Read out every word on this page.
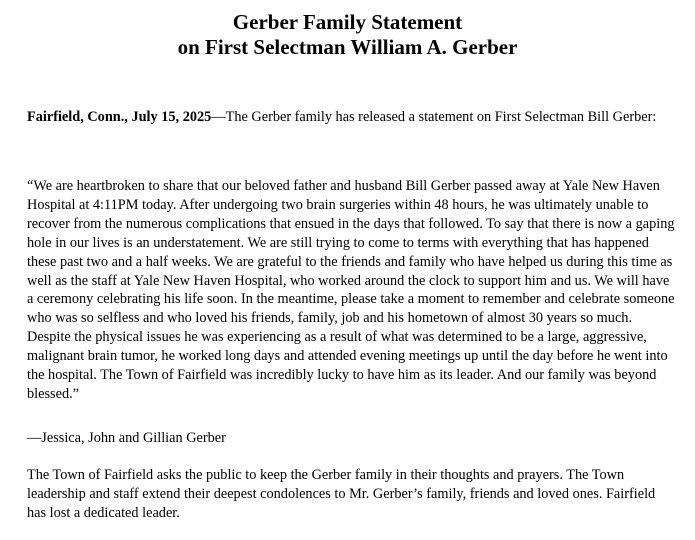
Gerber Family Statement
on First Selectman William A. Gerber

Fairfield, Conn., July 15, 2025—The Gerber family has released a statement on First Selectman Bill Gerber:

“We are heartbroken to share that our beloved father and husband Bill Gerber passed away at Yale New Haven Hospital at 4:11PM today. After undergoing two brain surgeries within 48 hours, he was ultimately unable to recover from the numerous complications that ensued in the days that followed. To say that there is now a gaping hole in our lives is an understatement. We are still trying to come to terms with everything that has happened these past two and a half weeks. We are grateful to the friends and family who have helped us during this time as well as the staff at Yale New Haven Hospital, who worked around the clock to support him and us. We will have a ceremony celebrating his life soon. In the meantime, please take a moment to remember and celebrate someone who was so selfless and who loved his friends, family, job and his hometown of almost 30 years so much. Despite the physical issues he was experiencing as a result of what was determined to be a large, aggressive, malignant brain tumor, he worked long days and attended evening meetings up until the day before he went into the hospital. The Town of Fairfield was incredibly lucky to have him as its leader. And our family was beyond blessed.”

—Jessica, John and Gillian Gerber

The Town of Fairfield asks the public to keep the Gerber family in their thoughts and prayers. The Town leadership and staff extend their deepest condolences to Mr. Gerber’s family, friends and loved ones. Fairfield has lost a dedicated leader.
